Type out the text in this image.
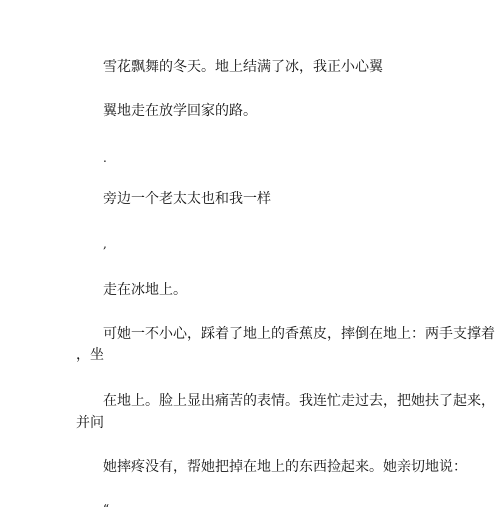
雪花飘舞的冬天。地上结满了冰，我正小心翼

翼地走在放学回家的路。

.

旁边一个老太太也和我一样

,

走在冰地上。

可她一不小心，踩着了地上的香蕉皮，摔倒在地上：两手支撑着

，坐

在地上。脸上显出痛苦的表情。我连忙走过去，把她扶了起来，

并问

她摔疼没有，帮她把掉在地上的东西捡起来。她亲切地说：

“
